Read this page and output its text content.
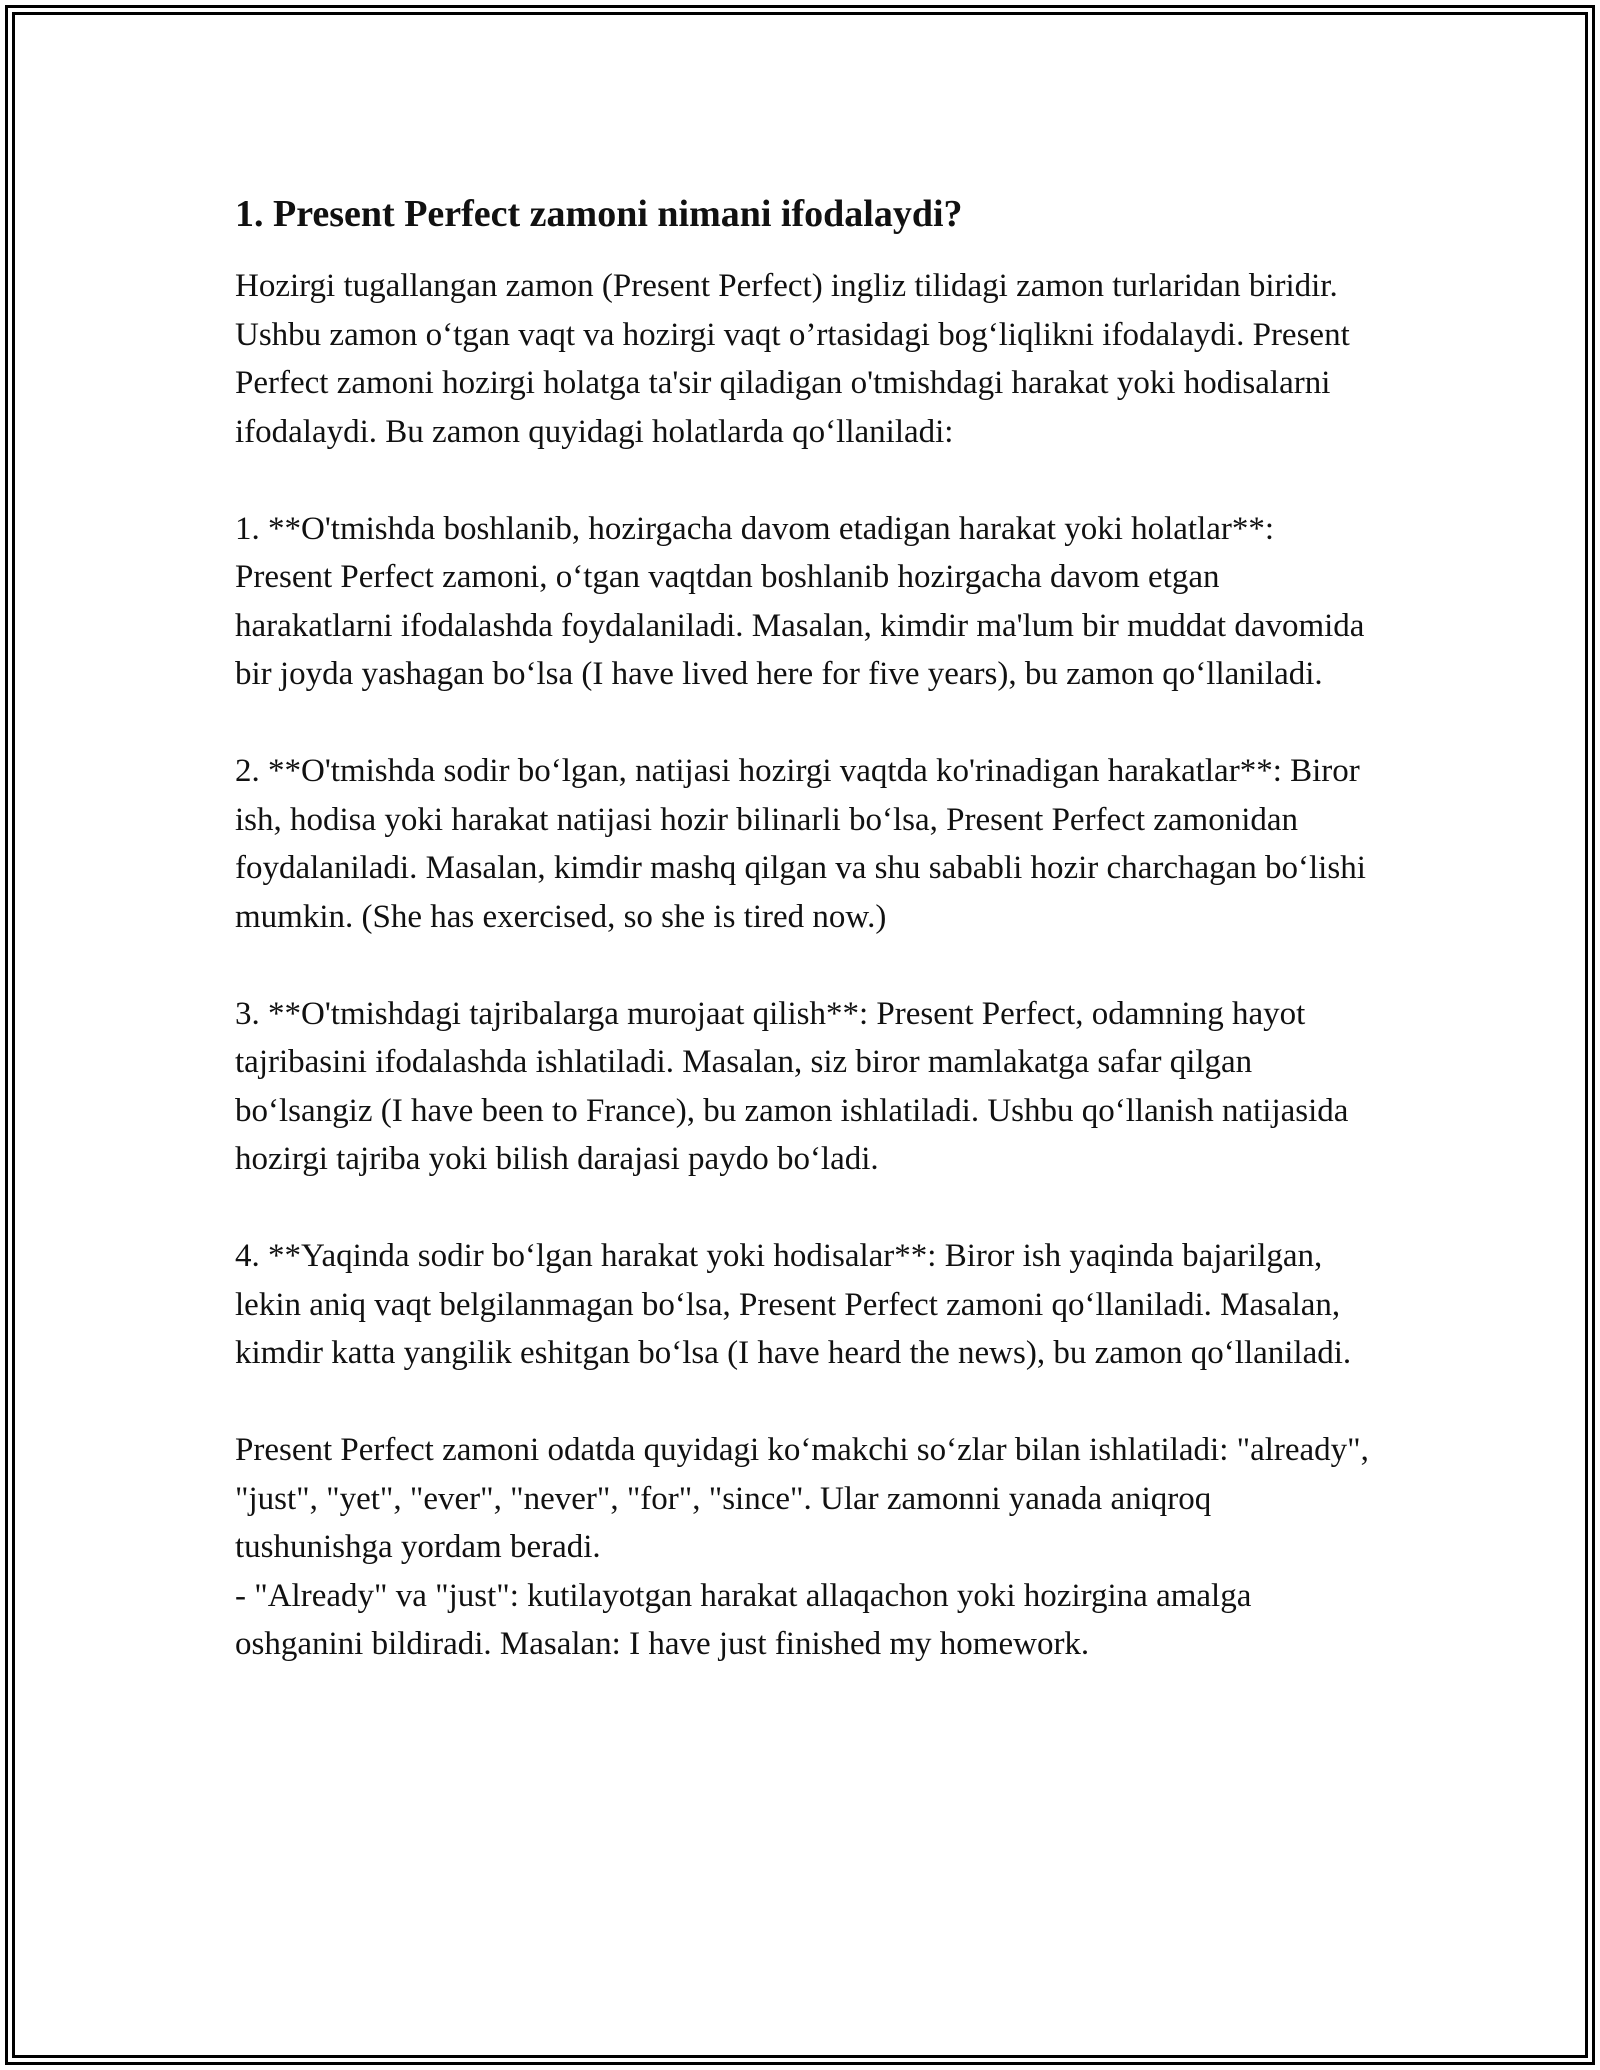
1. Present Perfect zamoni nimani ifodalaydi?

Hozirgi tugallangan zamon (Present Perfect) ingliz tilidagi zamon turlaridan biridir. Ushbu zamon o‘tgan vaqt va hozirgi vaqt o’rtasidagi bog‘liqlikni ifodalaydi. Present Perfect zamoni hozirgi holatga ta'sir qiladigan o'tmishdagi harakat yoki hodisalarni ifodalaydi. Bu zamon quyidagi holatlarda qo‘llaniladi:

1. **O'tmishda boshlanib, hozirgacha davom etadigan harakat yoki holatlar**: Present Perfect zamoni, o‘tgan vaqtdan boshlanib hozirgacha davom etgan harakatlarni ifodalashda foydalaniladi. Masalan, kimdir ma'lum bir muddat davomida bir joyda yashagan bo‘lsa (I have lived here for five years), bu zamon qo‘llaniladi.

2. **O'tmishda sodir bo‘lgan, natijasi hozirgi vaqtda ko'rinadigan harakatlar**: Biror ish, hodisa yoki harakat natijasi hozir bilinarli bo‘lsa, Present Perfect zamonidan foydalaniladi. Masalan, kimdir mashq qilgan va shu sababli hozir charchagan bo‘lishi mumkin. (She has exercised, so she is tired now.)

3. **O'tmishdagi tajribalarga murojaat qilish**: Present Perfect, odamning hayot tajribasini ifodalashda ishlatiladi. Masalan, siz biror mamlakatga safar qilgan bo‘lsangiz (I have been to France), bu zamon ishlatiladi. Ushbu qo‘llanish natijasida hozirgi tajriba yoki bilish darajasi paydo bo‘ladi.

4. **Yaqinda sodir bo‘lgan harakat yoki hodisalar**: Biror ish yaqinda bajarilgan, lekin aniq vaqt belgilanmagan bo‘lsa, Present Perfect zamoni qo‘llaniladi. Masalan, kimdir katta yangilik eshitgan bo‘lsa (I have heard the news), bu zamon qo‘llaniladi.

Present Perfect zamoni odatda quyidagi ko‘makchi so‘zlar bilan ishlatiladi: "already", "just", "yet", "ever", "never", "for", "since". Ular zamonni yanada aniqroq tushunishga yordam beradi.

- "Already" va "just": kutilayotgan harakat allaqachon yoki hozirgina amalga oshganini bildiradi. Masalan: I have just finished my homework.
